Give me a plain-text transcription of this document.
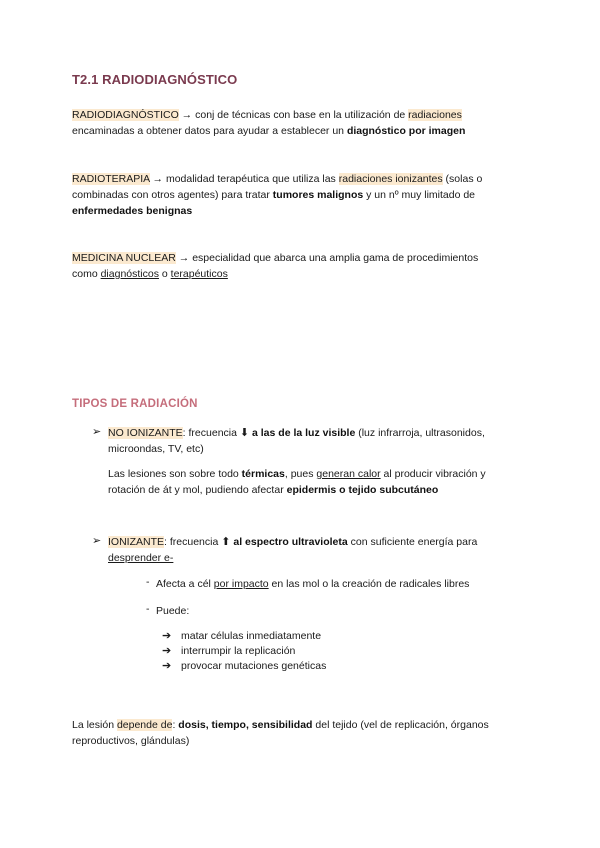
T2.1 RADIODIAGNÓSTICO
RADIODIAGNÓSTICO → conj de técnicas con base en la utilización de radiaciones
encaminadas a obtener datos para ayudar a establecer un diagnóstico por imagen
RADIOTERAPIA → modalidad terapéutica que utiliza las radiaciones ionizantes (solas o
combinadas con otros agentes) para tratar tumores malignos y un nº muy limitado de
enfermedades benignas
MEDICINA NUCLEAR → especialidad que abarca una amplia gama de procedimientos
como diagnósticos o terapéuticos
TIPOS DE RADIACIÓN
➢ NO IONIZANTE: frecuencia ⬇ a las de la luz visible (luz infrarroja, ultrasonidos,
microondas, TV, etc)
Las lesiones son sobre todo térmicas, pues generan calor al producir vibración y
rotación de át y mol, pudiendo afectar epidermis o tejido subcutáneo
➢ IONIZANTE: frecuencia ⬆ al espectro ultravioleta con suficiente energía para
desprender e-
- Afecta a cél por impacto en las mol o la creación de radicales libres
- Puede:
➔ matar células inmediatamente
➔ interrumpir la replicación
➔ provocar mutaciones genéticas
La lesión depende de: dosis, tiempo, sensibilidad del tejido (vel de replicación, órganos
reproductivos, glándulas)
